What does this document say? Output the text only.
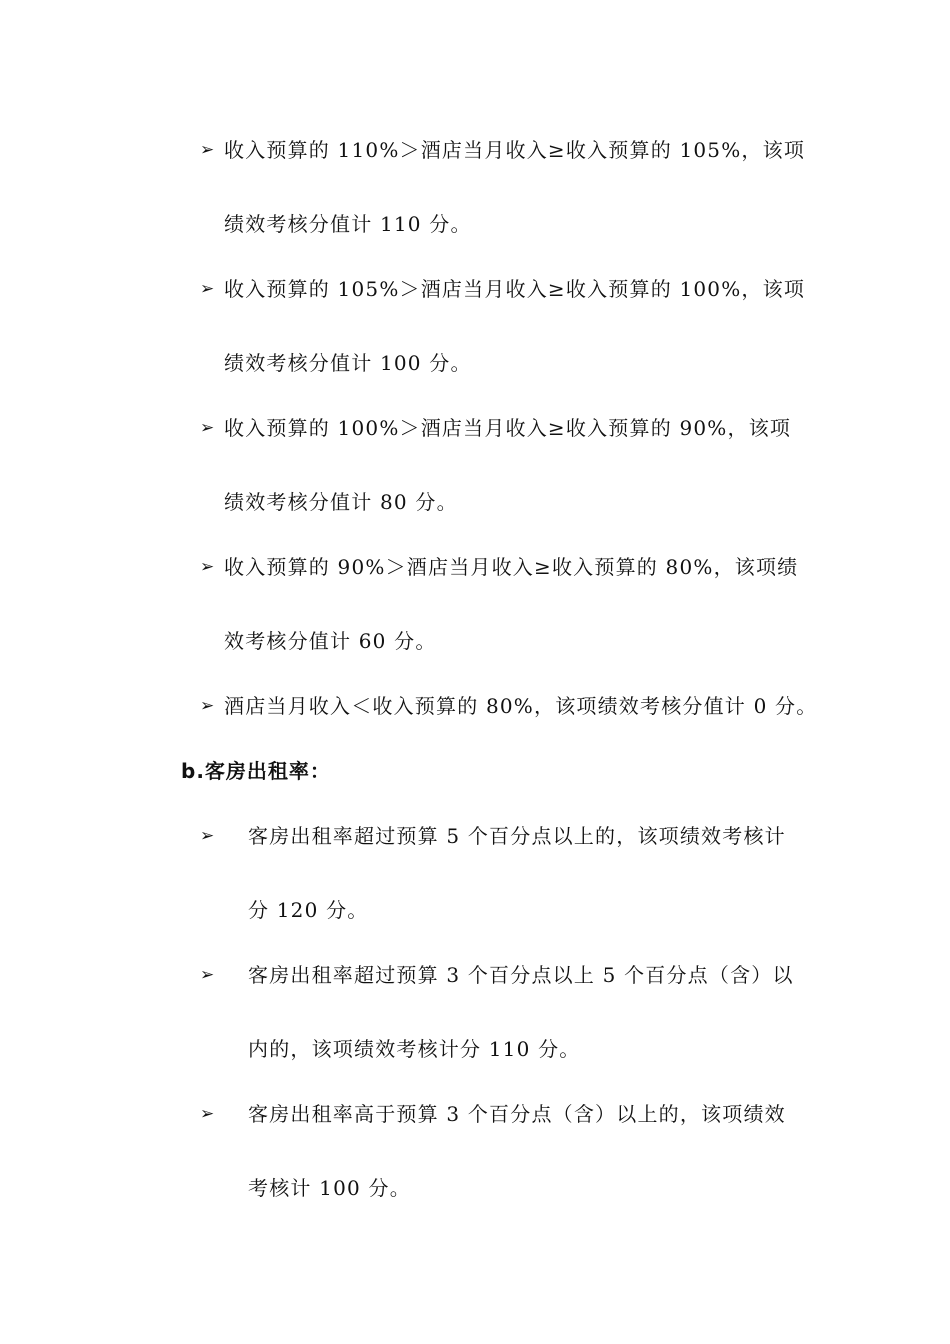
➢ 收入预算的 110%＞酒店当月收入≥收入预算的 105%，该项
绩效考核分值计 110 分。
➢ 收入预算的 105%＞酒店当月收入≥收入预算的 100%，该项
绩效考核分值计 100 分。
➢ 收入预算的 100%＞酒店当月收入≥收入预算的 90%，该项
绩效考核分值计 80 分。
➢ 收入预算的 90%＞酒店当月收入≥收入预算的 80%，该项绩
效考核分值计 60 分。
➢ 酒店当月收入＜收入预算的 80%，该项绩效考核分值计 0 分。
b.客房出租率：
➢ 客房出租率超过预算 5 个百分点以上的，该项绩效考核计
分 120 分。
➢ 客房出租率超过预算 3 个百分点以上 5 个百分点（含）以
内的，该项绩效考核计分 110 分。
➢ 客房出租率高于预算 3 个百分点（含）以上的，该项绩效
考核计 100 分。
